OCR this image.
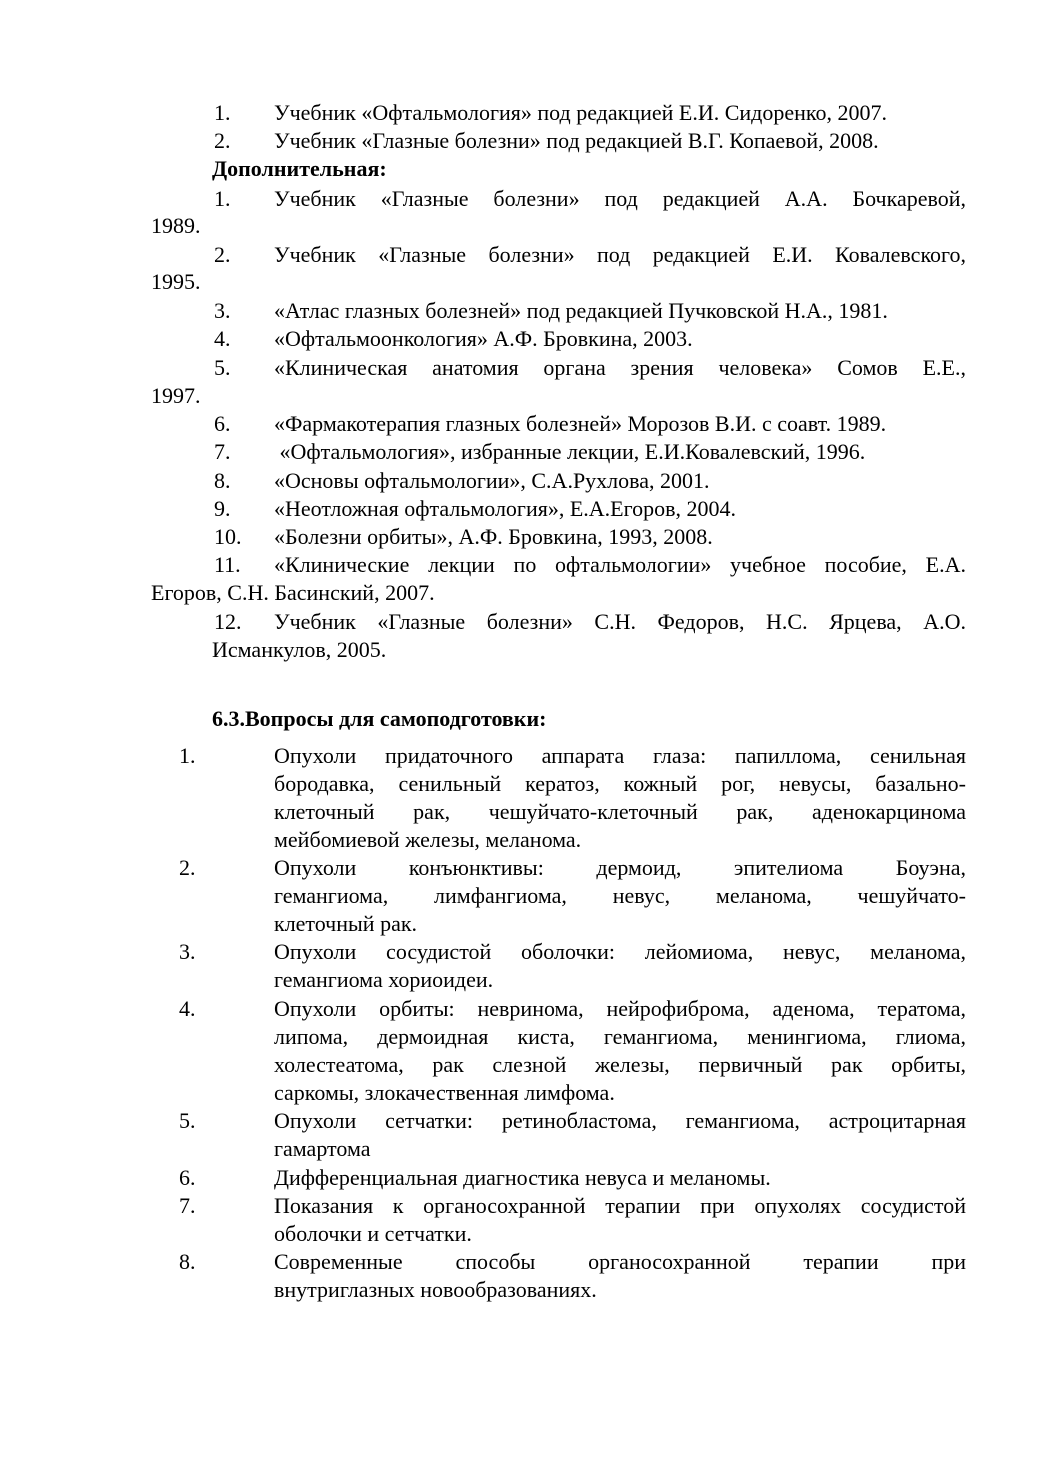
1. Учебник «Офтальмология» под редакцией Е.И. Сидоренко, 2007.
2. Учебник «Глазные болезни» под редакцией В.Г. Копаевой, 2008.
Дополнительная:
1. Учебник «Глазные болезни» под редакцией А.А. Бочкаревой,
1989.
2. Учебник «Глазные болезни» под редакцией Е.И. Ковалевского,
1995.
3. «Атлас глазных болезней» под редакцией Пучковской Н.А., 1981.
4. «Офтальмоонкология» А.Ф. Бровкина, 2003.
5. «Клиническая анатомия органа зрения человека» Сомов Е.Е.,
1997.
6. «Фармакотерапия глазных болезней» Морозов В.И. с соавт. 1989.
7. «Офтальмология», избранные лекции, Е.И.Ковалевский, 1996.
8. «Основы офтальмологии», С.А.Рухлова, 2001.
9. «Неотложная офтальмология», Е.А.Егоров, 2004.
10. «Болезни орбиты», А.Ф. Бровкина, 1993, 2008.
11. «Клинические лекции по офтальмологии» учебное пособие, Е.А.
Егоров, С.Н. Басинский, 2007.
12. Учебник «Глазные болезни» С.Н. Федоров, Н.С. Ярцева, А.О.
Исманкулов, 2005.
6.3.Вопросы для самоподготовки:
1.	Опухоли придаточного аппарата глаза: папиллома, сенильная
бородавка, сенильный кератоз, кожный рог, невусы, базально-
клеточный рак, чешуйчато-клеточный рак, аденокарцинома
мейбомиевой железы, меланома.
2.	Опухоли конъюнктивы: дермоид, эпителиома Боуэна,
гемангиома, лимфангиома, невус, меланома, чешуйчато-
клеточный рак.
3.	Опухоли сосудистой оболочки: лейомиома, невус, меланома,
гемангиома хориоидеи.
4.	Опухоли орбиты: невринома, нейрофиброма, аденома, тератома,
липома, дермоидная киста, гемангиома, менингиома, глиома,
холестеатома, рак слезной железы, первичный рак орбиты,
саркомы, злокачественная лимфома.
5.	Опухоли сетчатки: ретинобластома, гемангиома, астроцитарная
гамартома
6.	Дифференциальная диагностика невуса и меланомы.
7.	Показания к органосохранной терапии при опухолях сосудистой
оболочки и сетчатки.
8.	Современные способы органосохранной терапии при
внутриглазных новообразованиях.
